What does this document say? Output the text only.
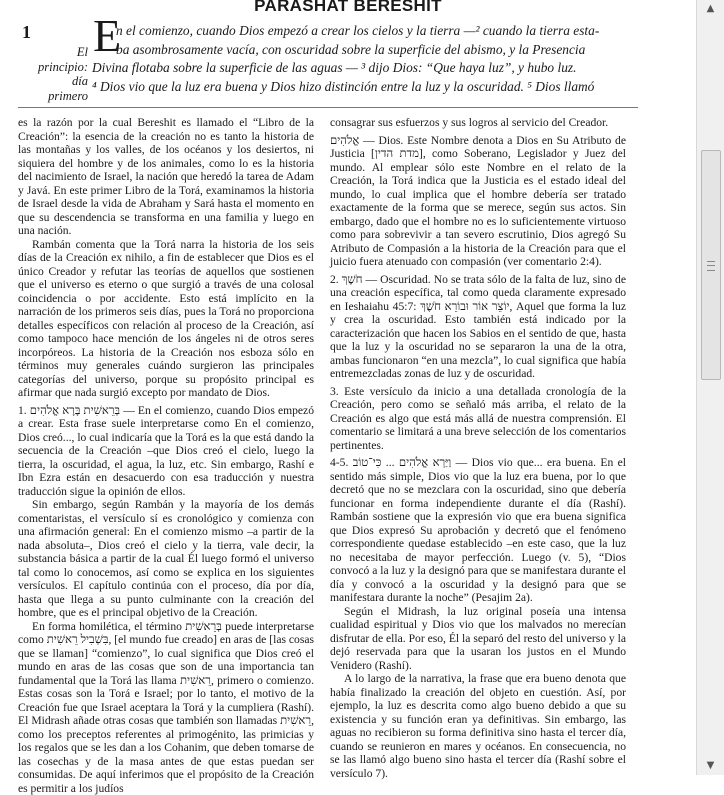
PARASHAT BERESHIT
1
El
principio:
día
primero
E
n el comienzo, cuando Dios empezó a crear los cielos y la tierra —² cuando la tierra esta-
ba asombrosamente vacía, con oscuridad sobre la superficie del abismo, y la Presencia
Divina flotaba sobre la superficie de las aguas — ³ dijo Dios: “Que haya luz”, y hubo luz.
⁴ Dios vio que la luz era buena y Dios hizo distinción entre la luz y la oscuridad. ⁵ Dios llamó

es la razón por la cual Bereshit es llamado el “Libro de la Creación”: la esencia de la creación no es tanto la historia de las montañas y los valles, de los océanos y los desiertos, ni siquiera del hombre y de los animales, como lo es la historia del nacimiento de Israel, la nación que heredó la tarea de Adam y Javá. En este primer Libro de la Torá, examinamos la historia de Israel desde la vida de Abraham y Sará hasta el momento en que su descendencia se transforma en una familia y luego en una nación.

Rambán comenta que la Torá narra la historia de los seis días de la Creación ex nihilo, a fin de establecer que Dios es el único Creador y refutar las teorías de aquellos que sostienen que el universo es eterno o que surgió a través de una colosal coincidencia o por accidente. Esto está implícito en la narración de los primeros seis días, pues la Torá no proporciona detalles específicos con relación al proceso de la Creación, así como tampoco hace mención de los ángeles ni de otros seres incorpóreos. La historia de la Creación nos esboza sólo en términos muy generales cuándo surgieron las principales categorías del universo, porque su propósito principal es afirmar que nada surgió excepto por mandato de Dios.

1. בְּרֵאשִׁית בָּרָא אֱלֹהִים — En el comienzo, cuando Dios empezó a crear. Esta frase suele interpretarse como En el comienzo, Dios creó..., lo cual indicaría que la Torá es la que está dando la secuencia de la Creación –que Dios creó el cielo, luego la tierra, la oscuridad, el agua, la luz, etc. Sin embargo, Rashí e Ibn Ezra están en desacuerdo con esa traducción y nuestra traducción sigue la opinión de ellos.

Sin embargo, según Rambán y la mayoría de los demás comentaristas, el versículo sí es cronológico y comienza con una afirmación general: En el comienzo mismo –a partir de la nada absoluta–, Dios creó el cielo y la tierra, vale decir, la substancia básica a partir de la cual Él luego formó el universo tal como lo conocemos, así como se explica en los siguientes versículos. El capítulo continúa con el proceso, día por día, hasta que llega a su punto culminante con la creación del hombre, que es el principal objetivo de la Creación.

En forma homilética, el término בְּרֵאשִׁית puede interpretarse como בִּשְׁבִיל רֵאשִׁית, [el mundo fue creado] en aras de [las cosas que se llaman] “comienzo”, lo cual significa que Dios creó el mundo en aras de las cosas que son de una importancia tan fundamental que la Torá las llama רֵאשִׁית, primero o comienzo. Estas cosas son la Torá e Israel; por lo tanto, el motivo de la Creación fue que Israel aceptara la Torá y la cumpliera (Rashí). El Midrash añade otras cosas que también son llamadas רֵאשִׁית, como los preceptos referentes al primogénito, las primicias y los regalos que se les dan a los Cohanim, que deben tomarse de las cosechas y de la masa antes de que estas puedan ser consumidas. De aquí inferimos que el propósito de la Creación es permitir a los judíos

consagrar sus esfuerzos y sus logros al servicio del Creador.

אֱלֹהִים — Dios. Este Nombre denota a Dios en Su Atributo de Justicia [מדת הדין], como Soberano, Legislador y Juez del mundo. Al emplear sólo este Nombre en el relato de la Creación, la Torá indica que la Justicia es el estado ideal del mundo, lo cual implica que el hombre debería ser tratado exactamente de la forma que se merece, según sus actos. Sin embargo, dado que el hombre no es lo suficientemente virtuoso como para sobrevivir a tan severo escrutinio, Dios agregó Su Atributo de Compasión a la historia de la Creación para que el juicio fuera atenuado con compasión (ver comentario 2:4).

2. חֹשֶׁךְ — Oscuridad. No se trata sólo de la falta de luz, sino de una creación específica, tal como queda claramente expresado en Ieshaiahu 45:7: יוֹצֵר אוֹר וּבוֹרֵא חֹשֶׁךְ, Aquel que forma la luz y crea la oscuridad. Esto también está indicado por la caracterización que hacen los Sabios en el sentido de que, hasta que la luz y la oscuridad no se separaron la una de la otra, ambas funcionaron “en una mezcla”, lo cual significa que había entremezcladas zonas de luz y de oscuridad.

3. Este versículo da inicio a una detallada cronología de la Creación, pero como se señaló más arriba, el relato de la Creación es algo que está más allá de nuestra comprensión. El comentario se limitará a una breve selección de los comentarios pertinentes.

4-5. וַיַּרְא אֱלֹהִים ... כִּי־טוֹב — Dios vio que... era buena. En el sentido más simple, Dios vio que la luz era buena, por lo que decretó que no se mezclara con la oscuridad, sino que debería funcionar en forma independiente durante el día (Rashí). Rambán sostiene que la expresión vio que era buena significa que Dios expresó Su aprobación y decretó que el fenómeno correspondiente quedase establecido –en este caso, que la luz no necesitaba de mayor perfección. Luego (v. 5), “Dios convocó a la luz y la designó para que se manifestara durante el día y convocó a la oscuridad y la designó para que se manifestara durante la noche” (Pesajim 2a).

Según el Midrash, la luz original poseía una intensa cualidad espiritual y Dios vio que los malvados no merecían disfrutar de ella. Por eso, Él la separó del resto del universo y la dejó reservada para que la usaran los justos en el Mundo Venidero (Rashí).

A lo largo de la narrativa, la frase que era bueno denota que había finalizado la creación del objeto en cuestión. Así, por ejemplo, la luz es descrita como algo bueno debido a que su existencia y su función eran ya definitivas. Sin embargo, las aguas no recibieron su forma definitiva sino hasta el tercer día, cuando se reunieron en mares y océanos. En consecuencia, no se las llamó algo bueno sino hasta el tercer día (Rashí sobre el versículo 7).

▲
▼
